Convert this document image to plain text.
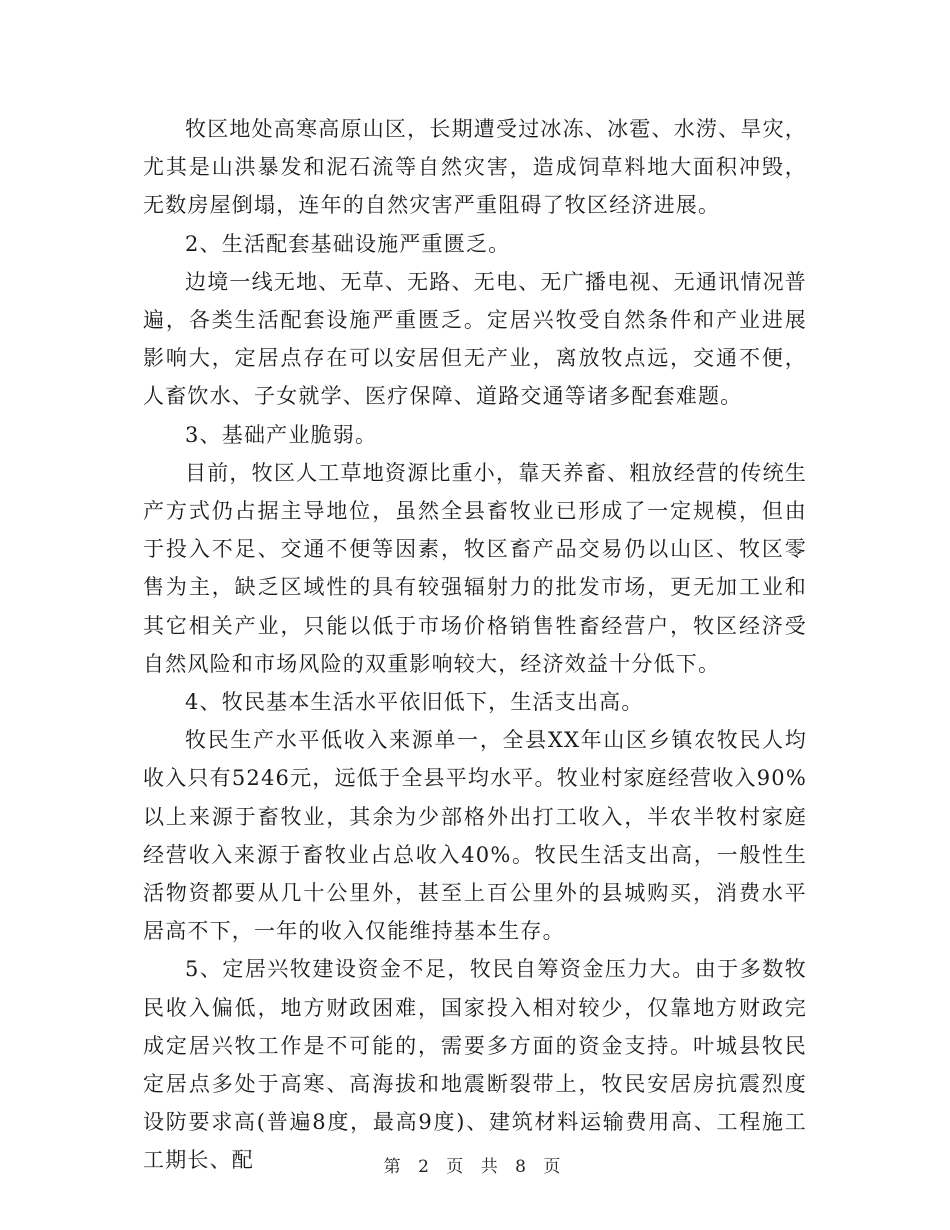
牧区地处高寒高原山区，长期遭受过冰冻、冰雹、水涝、旱灾，尤其是山洪暴发和泥石流等自然灾害，造成饲草料地大面积冲毁，无数房屋倒塌，连年的自然灾害严重阻碍了牧区经济进展。

2、生活配套基础设施严重匮乏。

边境一线无地、无草、无路、无电、无广播电视、无通讯情况普遍，各类生活配套设施严重匮乏。定居兴牧受自然条件和产业进展影响大，定居点存在可以安居但无产业，离放牧点远，交通不便，人畜饮水、子女就学、医疗保障、道路交通等诸多配套难题。

3、基础产业脆弱。

目前，牧区人工草地资源比重小，靠天养畜、粗放经营的传统生产方式仍占据主导地位，虽然全县畜牧业已形成了一定规模，但由于投入不足、交通不便等因素，牧区畜产品交易仍以山区、牧区零售为主，缺乏区域性的具有较强辐射力的批发市场，更无加工业和其它相关产业，只能以低于市场价格销售牲畜经营户，牧区经济受自然风险和市场风险的双重影响较大，经济效益十分低下。

4、牧民基本生活水平依旧低下，生活支出高。

牧民生产水平低收入来源单一，全县XX年山区乡镇农牧民人均收入只有5246元，远低于全县平均水平。牧业村家庭经营收入90%以上来源于畜牧业，其余为少部格外出打工收入，半农半牧村家庭经营收入来源于畜牧业占总收入40%。牧民生活支出高，一般性生活物资都要从几十公里外，甚至上百公里外的县城购买，消费水平居高不下，一年的收入仅能维持基本生存。

5、定居兴牧建设资金不足，牧民自筹资金压力大。由于多数牧民收入偏低，地方财政困难，国家投入相对较少，仅靠地方财政完成定居兴牧工作是不可能的，需要多方面的资金支持。叶城县牧民定居点多处于高寒、高海拔和地震断裂带上，牧民安居房抗震烈度设防要求高(普遍8度，最高9度)、建筑材料运输费用高、工程施工工期长、配	第 2 页 共 8 页
